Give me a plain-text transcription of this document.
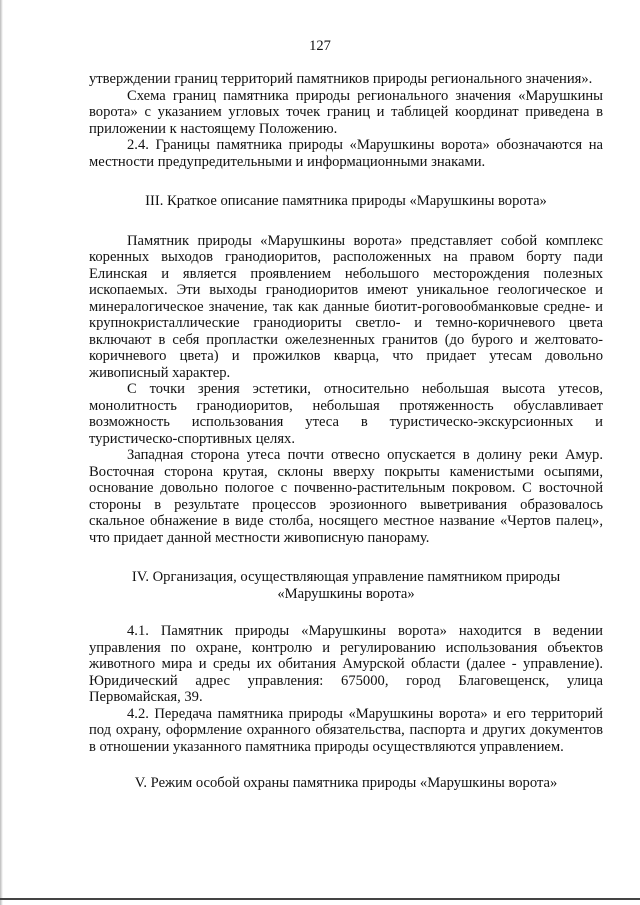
127

утверждении границ территорий памятников природы регионального значения».

Схема границ памятника природы регионального значения «Марушкины ворота» с указанием угловых точек границ и таблицей координат приведена в приложении к настоящему Положению.

2.4. Границы памятника природы «Марушкины ворота» обозначаются на местности предупредительными и информационными знаками.

III. Краткое описание памятника природы «Марушкины ворота»

Памятник природы «Марушкины ворота» представляет собой комплекс коренных выходов гранодиоритов, расположенных на правом борту пади Елинская и является проявлением небольшого месторождения полезных ископаемых. Эти выходы гранодиоритов имеют уникальное геологическое и минералогическое значение, так как данные биотит-роговообманковые средне- и крупнокристаллические гранодиориты светло- и темно-коричневого цвета включают в себя пропластки ожелезненных гранитов (до бурого и желтовато-коричневого цвета) и прожилков кварца, что придает утесам довольно живописный характер.

С точки зрения эстетики, относительно небольшая высота утесов, монолитность гранодиоритов, небольшая протяженность обуславливает возможность использования утеса в туристическо-экскурсионных и туристическо-спортивных целях.

Западная сторона утеса почти отвесно опускается в долину реки Амур. Восточная сторона крутая, склоны вверху покрыты каменистыми осыпями, основание довольно пологое с почвенно-растительным покровом. С восточной стороны в результате процессов эрозионного выветривания образовалось скальное обнажение в виде столба, носящего местное название «Чертов палец», что придает данной местности живописную панораму.

IV. Организация, осуществляющая управление памятником природы
«Марушкины ворота»

4.1. Памятник природы «Марушкины ворота» находится в ведении управления по охране, контролю и регулированию использования объектов животного мира и среды их обитания Амурской области (далее - управление). Юридический адрес управления: 675000, город Благовещенск, улица Первомайская, 39.

4.2. Передача памятника природы «Марушкины ворота» и его территорий под охрану, оформление охранного обязательства, паспорта и других документов в отношении указанного памятника природы осуществляются управлением.

V. Режим особой охраны памятника природы «Марушкины ворота»
